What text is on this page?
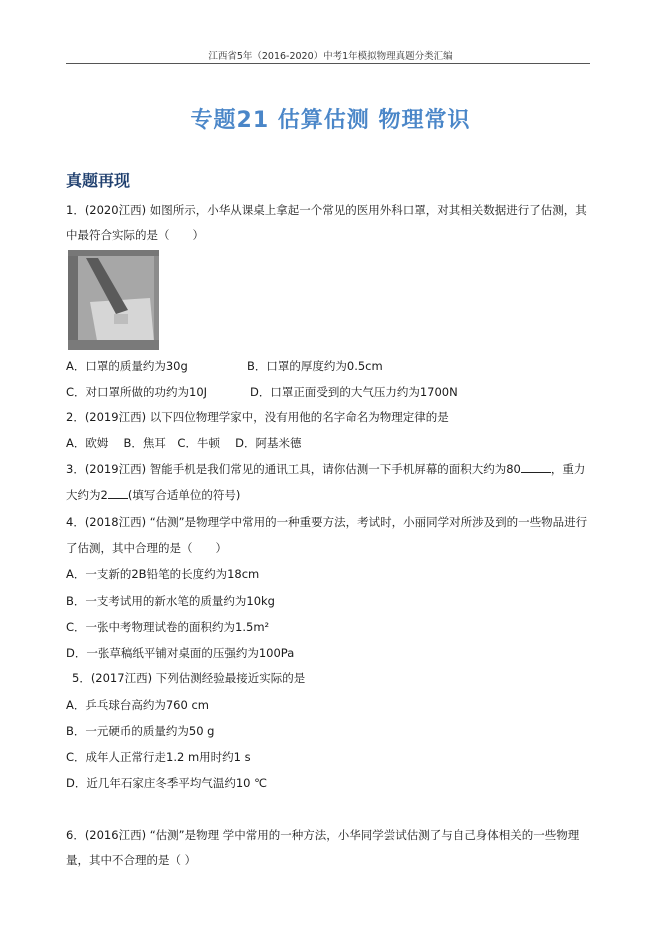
江西省5年（2016-2020）中考1年模拟物理真题分类汇编
专题21 估算估测 物理常识
真题再现
1．(2020江西) 如图所示，小华从课桌上拿起一个常见的医用外科口罩，对其相关数据进行了估测，其
中最符合实际的是（　　）
A．口罩的质量约为30g	B．口罩的厚度约为0.5cm
C．对口罩所做的功约为10J	D．口罩正面受到的大气压力约为1700N
2．(2019江西) 以下四位物理学家中，没有用他的名字命名为物理定律的是
A．欧姆　 B．焦耳　C．牛顿　 D．阿基米德
3．(2019江西) 智能手机是我们常见的通讯工具，请你估测一下手机屏幕的面积大约为80	，重力
大约为2 (填写合适单位的符号)
4．(2018江西) “估测”是物理学中常用的一种重要方法，考试时，小丽同学对所涉及到的一些物品进行
了估测，其中合理的是（　　）
A．一支新的2B铅笔的长度约为18cm
B．一支考试用的新水笔的质量约为10kg
C．一张中考物理试卷的面积约为1.5m²
D．一张草稿纸平铺对桌面的压强约为100Pa
5．(2017江西) 下列估测经验最接近实际的是
A．乒乓球台高约为760 cm
B．一元硬币的质量约为50 g
C．成年人正常行走1.2 m用时约1 s
D．近几年石家庄冬季平均气温约10 ℃
6．(2016江西) “估测”是物理 学中常用的一种方法，小华同学尝试估测了与自己身体相关的一些物理
量，其中不合理的是（ ）
